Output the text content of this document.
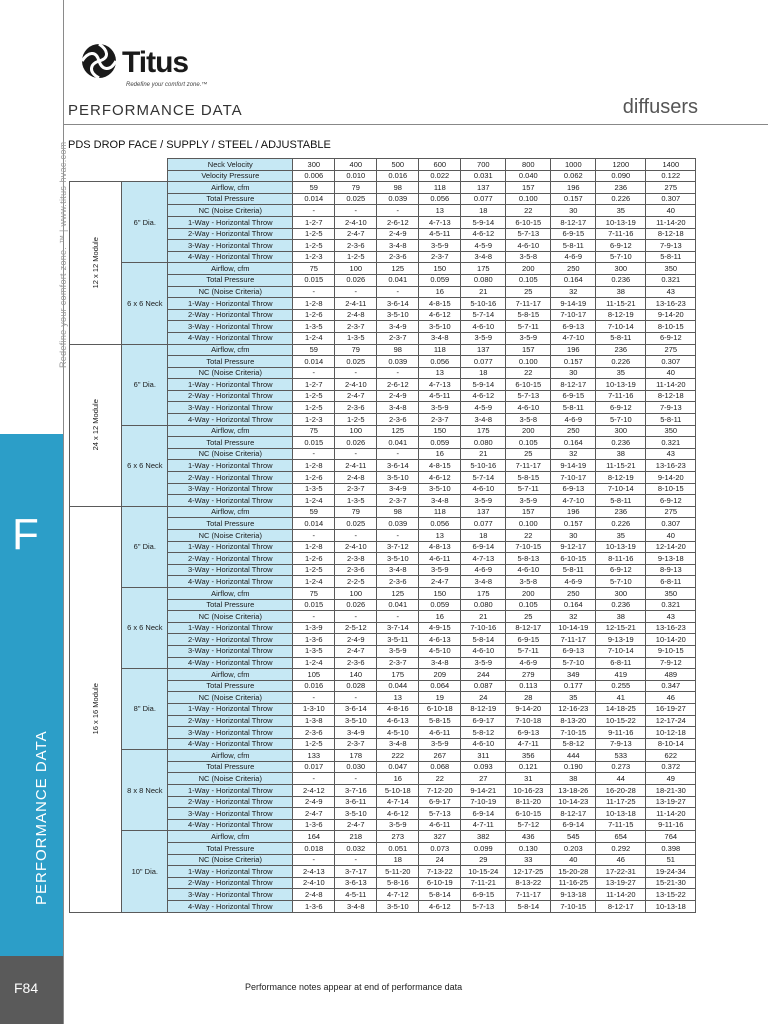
Redefine your comfort zone. ™ | www.titus-hvac.com
F
PERFORMANCE DATA
F84
Titus
Redefine your comfort zone.™
PERFORMANCE DATA	diffusers
PDS DROP FACE / SUPPLY / STEEL / ADJUSTABLE
		Neck Velocity	300	400	500	600	700	800	1000	1200	1400
		Velocity Pressure	0.006	0.010	0.016	0.022	0.031	0.040	0.062	0.090	0.122

12 x 12 Module	6" Dia.	Airflow, cfm	59	79	98	118	137	157	196	236	275
		Total Pressure	0.014	0.025	0.039	0.056	0.077	0.100	0.157	0.226	0.307
		NC (Noise Criteria)	-	-	-	13	18	22	30	35	40
		1-Way - Horizontal Throw	1-2-7	2-4-10	2-6-12	4-7-13	5-9-14	6-10-15	8-12-17	10-13-19	11-14-20
		2-Way - Horizontal Throw	1-2-5	2-4-7	2-4-9	4-5-11	4-6-12	5-7-13	6-9-15	7-11-16	8-12-18
		3-Way - Horizontal Throw	1-2-5	2-3-6	3-4-8	3-5-9	4-5-9	4-6-10	5-8-11	6-9-12	7-9-13
		4-Way - Horizontal Throw	1-2-3	1-2-5	2-3-6	2-3-7	3-4-8	3-5-8	4-6-9	5-7-10	5-8-11
	6 x 6 Neck	Airflow, cfm	75	100	125	150	175	200	250	300	350
		Total Pressure	0.015	0.026	0.041	0.059	0.080	0.105	0.164	0.236	0.321
		NC (Noise Criteria)	-	-	-	16	21	25	32	38	43
		1-Way - Horizontal Throw	1-2-8	2-4-11	3-6-14	4-8-15	5-10-16	7-11-17	9-14-19	11-15-21	13-16-23
		2-Way - Horizontal Throw	1-2-6	2-4-8	3-5-10	4-6-12	5-7-14	5-8-15	7-10-17	8-12-19	9-14-20
		3-Way - Horizontal Throw	1-3-5	2-3-7	3-4-9	3-5-10	4-6-10	5-7-11	6-9-13	7-10-14	8-10-15
		4-Way - Horizontal Throw	1-2-4	1-3-5	2-3-7	3-4-8	3-5-9	3-5-9	4-7-10	5-8-11	6-9-12

24 x 12 Module	6" Dia.	Airflow, cfm	59	79	98	118	137	157	196	236	275
		Total Pressure	0.014	0.025	0.039	0.056	0.077	0.100	0.157	0.226	0.307
		NC (Noise Criteria)	-	-	-	13	18	22	30	35	40
		1-Way - Horizontal Throw	1-2-7	2-4-10	2-6-12	4-7-13	5-9-14	6-10-15	8-12-17	10-13-19	11-14-20
		2-Way - Horizontal Throw	1-2-5	2-4-7	2-4-9	4-5-11	4-6-12	5-7-13	6-9-15	7-11-16	8-12-18
		3-Way - Horizontal Throw	1-2-5	2-3-6	3-4-8	3-5-9	4-5-9	4-6-10	5-8-11	6-9-12	7-9-13
		4-Way - Horizontal Throw	1-2-3	1-2-5	2-3-6	2-3-7	3-4-8	3-5-8	4-6-9	5-7-10	5-8-11
	6 x 6 Neck	Airflow, cfm	75	100	125	150	175	200	250	300	350
		Total Pressure	0.015	0.026	0.041	0.059	0.080	0.105	0.164	0.236	0.321
		NC (Noise Criteria)	-	-	-	16	21	25	32	38	43
		1-Way - Horizontal Throw	1-2-8	2-4-11	3-6-14	4-8-15	5-10-16	7-11-17	9-14-19	11-15-21	13-16-23
		2-Way - Horizontal Throw	1-2-6	2-4-8	3-5-10	4-6-12	5-7-14	5-8-15	7-10-17	8-12-19	9-14-20
		3-Way - Horizontal Throw	1-3-5	2-3-7	3-4-9	3-5-10	4-6-10	5-7-11	6-9-13	7-10-14	8-10-15
		4-Way - Horizontal Throw	1-2-4	1-3-5	2-3-7	3-4-8	3-5-9	3-5-9	4-7-10	5-8-11	6-9-12

16 x 16 Module	6" Dia.	Airflow, cfm	59	79	98	118	137	157	196	236	275
		Total Pressure	0.014	0.025	0.039	0.056	0.077	0.100	0.157	0.226	0.307
		NC (Noise Criteria)	-	-	-	13	18	22	30	35	40
		1-Way - Horizontal Throw	1-2-8	2-4-10	3-7-12	4-8-13	6-9-14	7-10-15	9-12-17	10-13-19	12-14-20
		2-Way - Horizontal Throw	1-2-6	2-3-8	3-5-10	4-6-11	4-7-13	5-8-13	6-10-15	8-11-16	9-13-18
		3-Way - Horizontal Throw	1-2-5	2-3-6	3-4-8	3-5-9	4-6-9	4-6-10	5-8-11	6-9-12	8-9-13
		4-Way - Horizontal Throw	1-2-4	2-2-5	2-3-6	2-4-7	3-4-8	3-5-8	4-6-9	5-7-10	6-8-11
	6 x 6 Neck	Airflow, cfm	75	100	125	150	175	200	250	300	350
		Total Pressure	0.015	0.026	0.041	0.059	0.080	0.105	0.164	0.236	0.321
		NC (Noise Criteria)	-	-	-	16	21	25	32	38	43
		1-Way - Horizontal Throw	1-3-9	2-5-12	3-7-14	4-9-15	7-10-16	8-12-17	10-14-19	12-15-21	13-16-23
		2-Way - Horizontal Throw	1-3-6	2-4-9	3-5-11	4-6-13	5-8-14	6-9-15	7-11-17	9-13-19	10-14-20
		3-Way - Horizontal Throw	1-3-5	2-4-7	3-5-9	4-5-10	4-6-10	5-7-11	6-9-13	7-10-14	9-10-15
		4-Way - Horizontal Throw	1-2-4	2-3-6	2-3-7	3-4-8	3-5-9	4-6-9	5-7-10	6-8-11	7-9-12
	8" Dia.	Airflow, cfm	105	140	175	209	244	279	349	419	489
		Total Pressure	0.016	0.028	0.044	0.064	0.087	0.113	0.177	0.255	0.347
		NC (Noise Criteria)	-	-	13	19	24	28	35	41	46
		1-Way - Horizontal Throw	1-3-10	3-6-14	4-8-16	6-10-18	8-12-19	9-14-20	12-16-23	14-18-25	16-19-27
		2-Way - Horizontal Throw	1-3-8	3-5-10	4-6-13	5-8-15	6-9-17	7-10-18	8-13-20	10-15-22	12-17-24
		3-Way - Horizontal Throw	2-3-6	3-4-9	4-5-10	4-6-11	5-8-12	6-9-13	7-10-15	9-11-16	10-12-18
		4-Way - Horizontal Throw	1-2-5	2-3-7	3-4-8	3-5-9	4-6-10	4-7-11	5-8-12	7-9-13	8-10-14
	8 x 8 Neck	Airflow, cfm	133	178	222	267	311	356	444	533	622
		Total Pressure	0.017	0.030	0.047	0.068	0.093	0.121	0.190	0.273	0.372
		NC (Noise Criteria)	-	-	16	22	27	31	38	44	49
		1-Way - Horizontal Throw	2-4-12	3-7-16	5-10-18	7-12-20	9-14-21	10-16-23	13-18-26	16-20-28	18-21-30
		2-Way - Horizontal Throw	2-4-9	3-6-11	4-7-14	6-9-17	7-10-19	8-11-20	10-14-23	11-17-25	13-19-27
		3-Way - Horizontal Throw	2-4-7	3-5-10	4-6-12	5-7-13	6-9-14	6-10-15	8-12-17	10-13-18	11-14-20
		4-Way - Horizontal Throw	1-3-6	2-4-7	3-5-9	4-6-11	4-7-11	5-7-12	6-9-14	7-11-15	9-11-16
	10" Dia.	Airflow, cfm	164	218	273	327	382	436	545	654	764
		Total Pressure	0.018	0.032	0.051	0.073	0.099	0.130	0.203	0.292	0.398
		NC (Noise Criteria)	-	-	18	24	29	33	40	46	51
		1-Way - Horizontal Throw	2-4-13	3-7-17	5-11-20	7-13-22	10-15-24	12-17-25	15-20-28	17-22-31	19-24-34
		2-Way - Horizontal Throw	2-4-10	3-6-13	5-8-16	6-10-19	7-11-21	8-13-22	11-16-25	13-19-27	15-21-30
		3-Way - Horizontal Throw	2-4-8	4-5-11	4-7-12	5-8-14	6-9-15	7-11-17	9-13-18	11-14-20	13-15-22
		4-Way - Horizontal Throw	1-3-6	3-4-8	3-5-10	4-6-12	5-7-13	5-8-14	7-10-15	8-12-17	10-13-18
Performance notes appear at end of performance data
